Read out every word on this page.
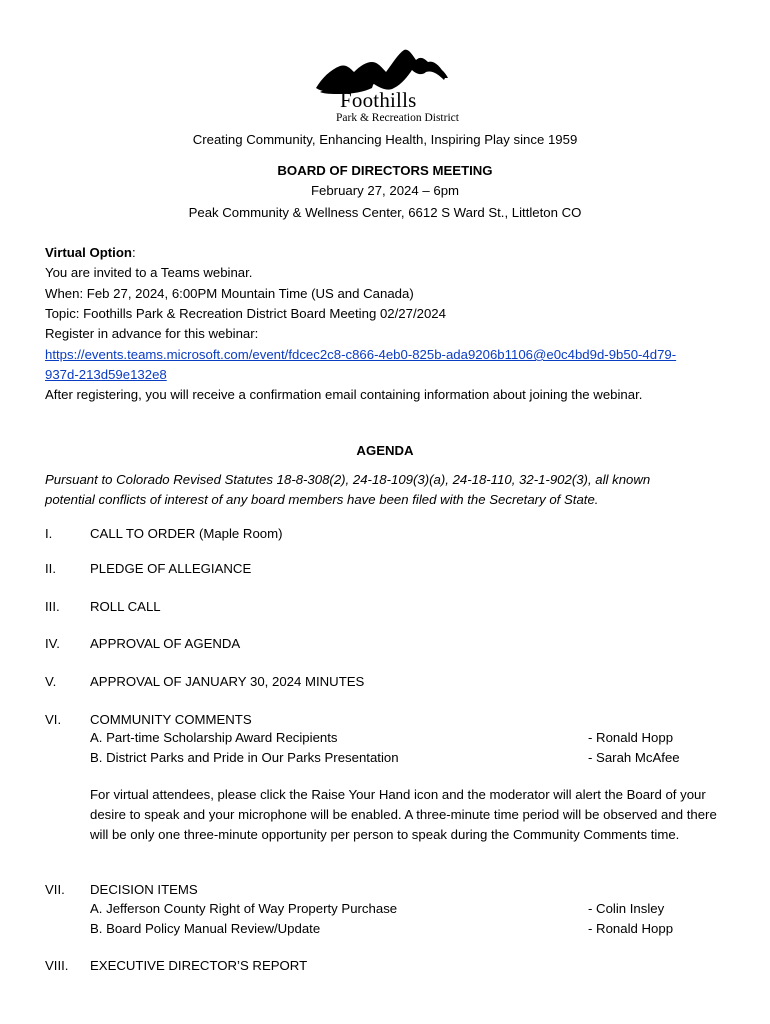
Foothills
Park & Recreation District
Creating Community, Enhancing Health, Inspiring Play since 1959
BOARD OF DIRECTORS MEETING
February 27, 2024 – 6pm
Peak Community & Wellness Center, 6612 S Ward St., Littleton CO
Virtual Option:
You are invited to a Teams webinar.
When: Feb 27, 2024, 6:00PM Mountain Time (US and Canada)
Topic: Foothills Park & Recreation District Board Meeting 02/27/2024
Register in advance for this webinar:
https://events.teams.microsoft.com/event/fdcec2c8-c866-4eb0-825b-ada9206b1106@e0c4bd9d-9b50-4d79-
937d-213d59e132e8
After registering, you will receive a confirmation email containing information about joining the webinar.
AGENDA
Pursuant to Colorado Revised Statutes 18-8-308(2), 24-18-109(3)(a), 24-18-110, 32-1-902(3), all known
potential conflicts of interest of any board members have been filed with the Secretary of State.
I.	CALL TO ORDER (Maple Room)
II.	PLEDGE OF ALLEGIANCE
III. ROLL CALL
IV. APPROVAL OF AGENDA
V.	APPROVAL OF JANUARY 30, 2024 MINUTES
VI. COMMUNITY COMMENTS
A. Part-time Scholarship Award Recipients	- Ronald Hopp
B. District Parks and Pride in Our Parks Presentation	- Sarah McAfee
For virtual attendees, please click the Raise Your Hand icon and the moderator will alert the Board of your desire to speak and your microphone will be enabled. A three-minute time period will be observed and there will be only one three-minute opportunity per person to speak during the Community Comments time.
VII. DECISION ITEMS
A. Jefferson County Right of Way Property Purchase	- Colin Insley
B. Board Policy Manual Review/Update	- Ronald Hopp
VIII. EXECUTIVE DIRECTOR’S REPORT
